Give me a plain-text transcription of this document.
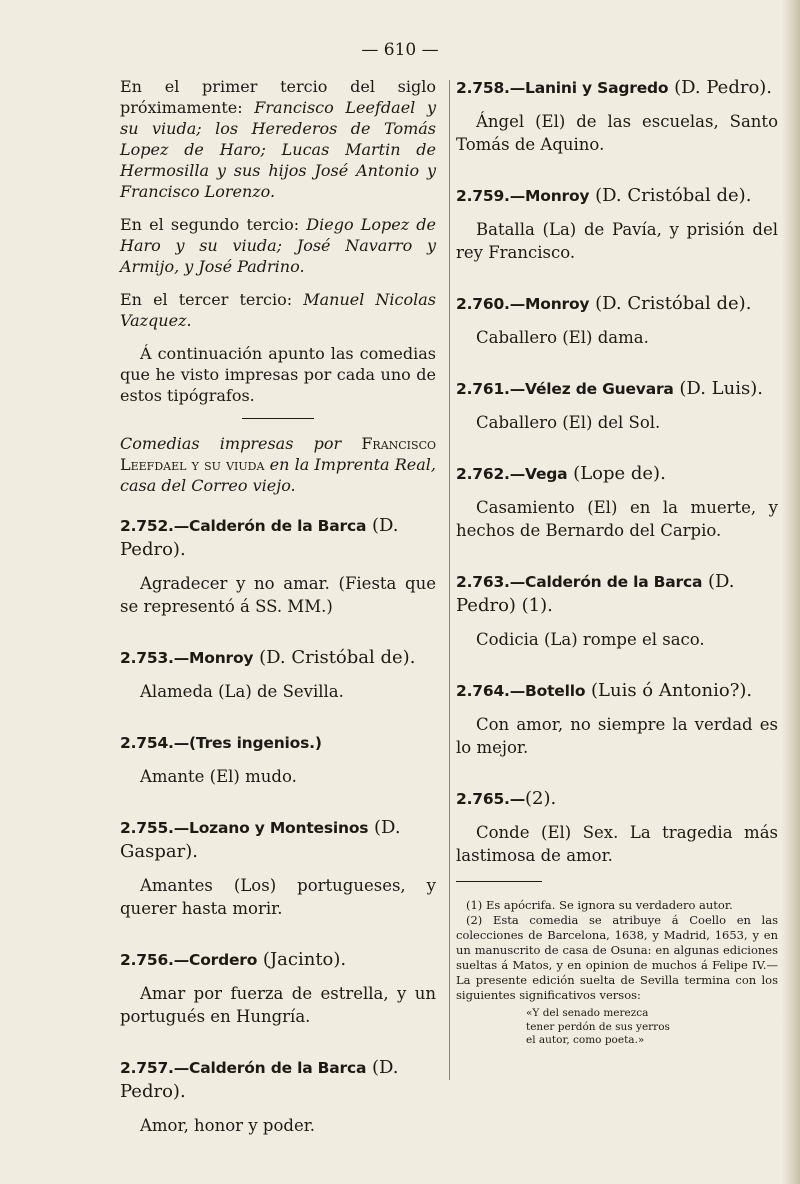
— 610 —

En el primer tercio del siglo próximamente: Francisco Leefdael y su viuda; los Herederos de Tomás Lopez de Haro; Lucas Martin de Hermosilla y sus hijos José Antonio y Francisco Lorenzo.

En el segundo tercio: Diego Lopez de Haro y su viuda; José Navarro y Armijo, y José Padrino.

En el tercer tercio: Manuel Nicolas Vazquez.

Á continuación apunto las comedias que he visto impresas por cada uno de estos tipógrafos.

Comedias impresas por Francisco Leefdael y su viuda en la Imprenta Real, casa del Correo viejo.

2.752.—Calderón de la Barca (D. Pedro).

Agradecer y no amar. (Fiesta que se representó á SS. MM.)

2.753.—Monroy (D. Cristóbal de).

Alameda (La) de Sevilla.

2.754.—(Tres ingenios.)

Amante (El) mudo.

2.755.—Lozano y Montesinos (D. Gaspar).

Amantes (Los) portugueses, y querer hasta morir.

2.756.—Cordero (Jacinto).

Amar por fuerza de estrella, y un portugués en Hungría.

2.757.—Calderón de la Barca (D. Pedro).

Amor, honor y poder.

2.758.—Lanini y Sagredo (D. Pedro).

Ángel (El) de las escuelas, Santo Tomás de Aquino.

2.759.—Monroy (D. Cristóbal de).

Batalla (La) de Pavía, y prisión del rey Francisco.

2.760.—Monroy (D. Cristóbal de).

Caballero (El) dama.

2.761.—Vélez de Guevara (D. Luis).

Caballero (El) del Sol.

2.762.—Vega (Lope de).

Casamiento (El) en la muerte, y hechos de Bernardo del Carpio.

2.763.—Calderón de la Barca (D. Pedro) (1).

Codicia (La) rompe el saco.

2.764.—Botello (Luis ó Antonio?).

Con amor, no siempre la verdad es lo mejor.

2.765.—(2).

Conde (El) Sex. La tragedia más lastimosa de amor.

(1) Es apócrifa. Se ignora su verdadero autor.

(2) Esta comedia se atribuye á Coello en las colecciones de Barcelona, 1638, y Madrid, 1653, y en un manuscrito de casa de Osuna: en algunas ediciones sueltas á Matos, y en opinion de muchos á Felipe IV.—La presente edición suelta de Sevilla termina con los siguientes significativos versos:

«Y del senado merezca
tener perdón de sus yerros
el autor, como poeta.»
